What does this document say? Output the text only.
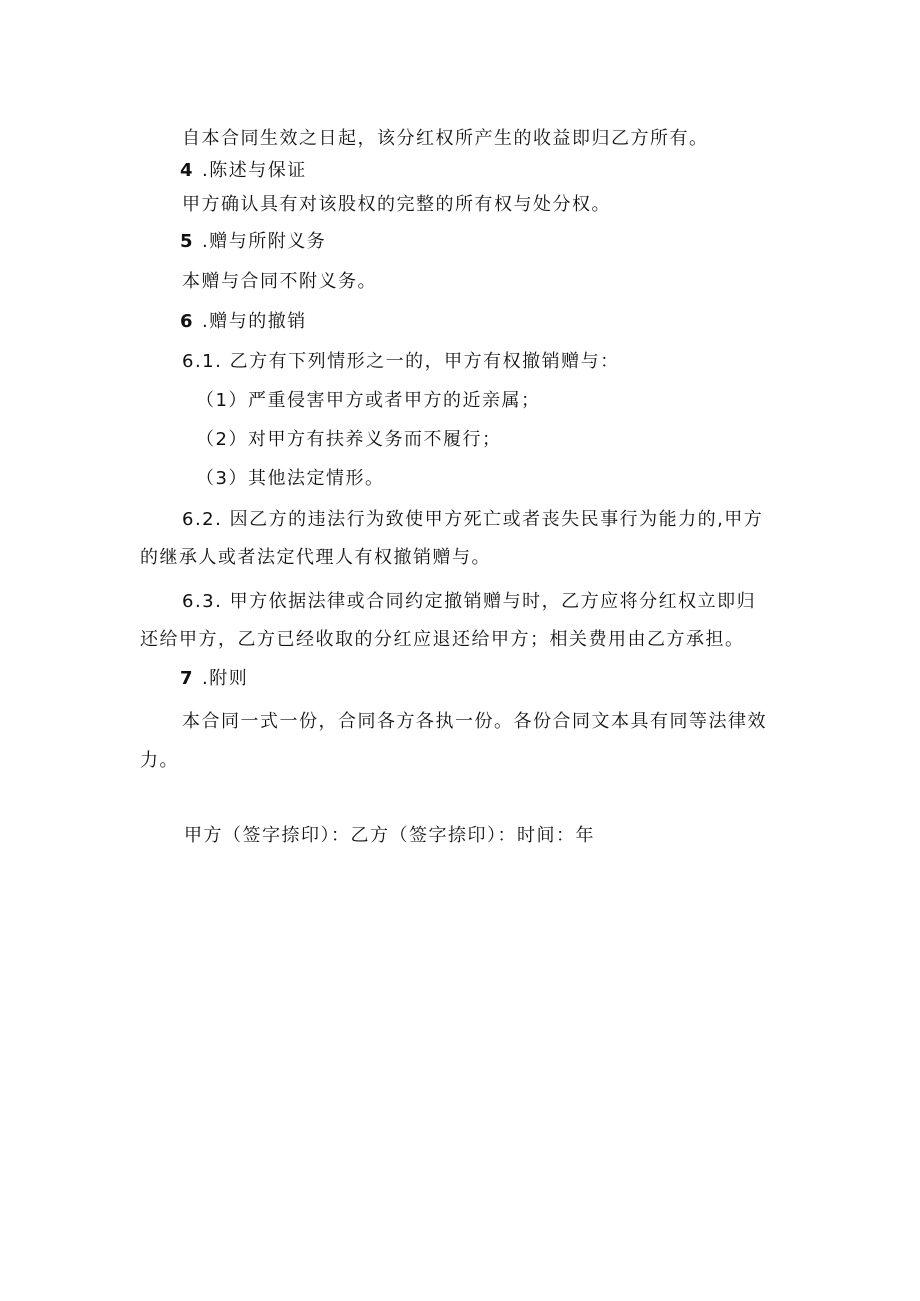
自本合同生效之日起，该分红权所产生的收益即归乙方所有。
4 .陈述与保证
甲方确认具有对该股权的完整的所有权与处分权。
5 .赠与所附义务
本赠与合同不附义务。
6 .赠与的撤销
6.1. 乙方有下列情形之一的，甲方有权撤销赠与：
（1）严重侵害甲方或者甲方的近亲属；
（2）对甲方有扶养义务而不履行；
（3）其他法定情形。
6.2. 因乙方的违法行为致使甲方死亡或者丧失民事行为能力的,甲方
的继承人或者法定代理人有权撤销赠与。
6.3. 甲方依据法律或合同约定撤销赠与时，乙方应将分红权立即归
还给甲方，乙方已经收取的分红应退还给甲方；相关费用由乙方承担。
7 .附则
本合同一式一份，合同各方各执一份。各份合同文本具有同等法律效
力。
甲方（签字捺印）：乙方（签字捺印）：时间：年
